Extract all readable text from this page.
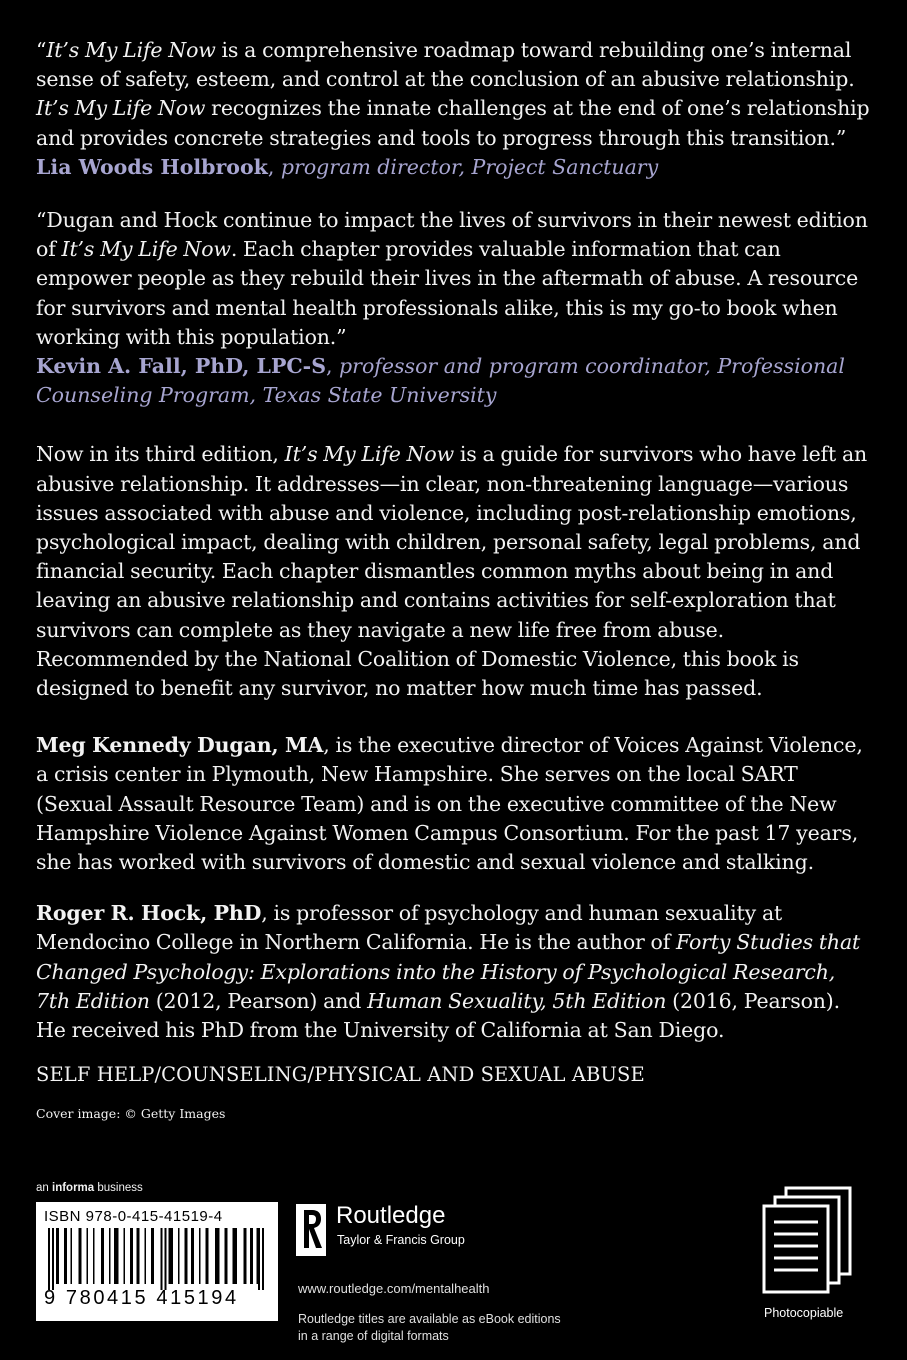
“It’s My Life Now is a comprehensive roadmap toward rebuilding one’s internal sense of safety, esteem, and control at the conclusion of an abusive relationship. It’s My Life Now recognizes the innate challenges at the end of one’s relationship and provides concrete strategies and tools to progress through this transition.”

Lia Woods Holbrook, program director, Project Sanctuary

“Dugan and Hock continue to impact the lives of survivors in their newest edition of It’s My Life Now. Each chapter provides valuable information that can empower people as they rebuild their lives in the aftermath of abuse. A resource for survivors and mental health professionals alike, this is my go-to book when working with this population.”

Kevin A. Fall, PhD, LPC-S, professor and program coordinator, Professional Counseling Program, Texas State University

Now in its third edition, It’s My Life Now is a guide for survivors who have left an abusive relationship. It addresses—in clear, non-threatening language—various issues associated with abuse and violence, including post-relationship emotions, psychological impact, dealing with children, personal safety, legal problems, and financial security. Each chapter dismantles common myths about being in and leaving an abusive relationship and contains activities for self-exploration that survivors can complete as they navigate a new life free from abuse. Recommended by the National Coalition of Domestic Violence, this book is designed to benefit any survivor, no matter how much time has passed.

Meg Kennedy Dugan, MA, is the executive director of Voices Against Violence, a crisis center in Plymouth, New Hampshire. She serves on the local SART (Sexual Assault Resource Team) and is on the executive committee of the New Hampshire Violence Against Women Campus Consortium. For the past 17 years, she has worked with survivors of domestic and sexual violence and stalking.

Roger R. Hock, PhD, is professor of psychology and human sexuality at Mendocino College in Northern California. He is the author of Forty Studies that Changed Psychology: Explorations into the History of Psychological Research, 7th Edition (2012, Pearson) and Human Sexuality, 5th Edition (2016, Pearson). He received his PhD from the University of California at San Diego.

SELF HELP/COUNSELING/PHYSICAL AND SEXUAL ABUSE
Cover image: © Getty Images
an informa business
ISBN 978-0-415-41519-4
9 780415 415194
Routledge
Taylor & Francis Group
www.routledge.com/mentalhealth
Routledge titles are available as eBook editions
in a range of digital formats
Photocopiable
